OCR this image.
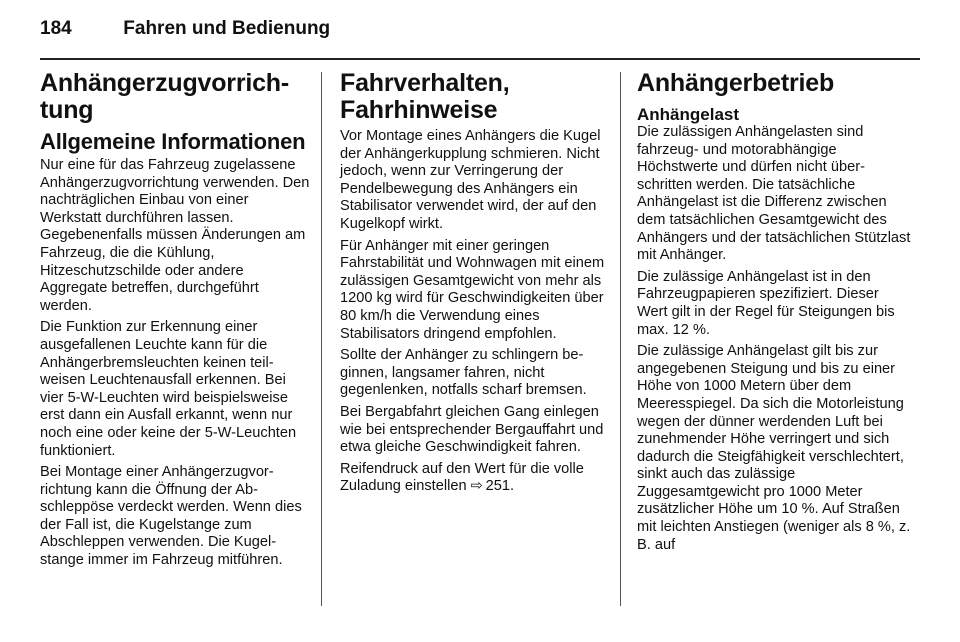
184	Fahren und Bedienung
Anhängerzugvorrich-
tung
Allgemeine Informationen

Nur eine für das Fahrzeug zugelassene Anhängerzugvorrichtung verwenden. Den nachträglichen Einbau von einer Werkstatt durchführen lassen. Gegebenenfalls müssen Änderungen am Fahrzeug, die die Kühlung, Hitzeschutzschilde oder andere Aggregate betreffen, durchgeführt werden.

Die Funktion zur Erkennung einer ausgefallenen Leuchte kann für die Anhängerbremsleuchten keinen teilweisen Leuchtenausfall erkennen. Bei vier 5-W-Leuchten wird beispielsweise erst dann ein Ausfall erkannt, wenn nur noch eine oder keine der 5-W-Leuchten funktioniert.

Bei Montage einer Anhängerzugvorrichtung kann die Öffnung der Abschleppöse verdeckt werden. Wenn dies der Fall ist, die Kugelstange zum Abschleppen verwenden. Die Kugelstange immer im Fahrzeug mitführen.

Fahrverhalten,
Fahrhinweise

Vor Montage eines Anhängers die Kugel der Anhängerkupplung schmieren. Nicht jedoch, wenn zur Verringerung der Pendelbewegung des Anhängers ein Stabilisator verwendet wird, der auf den Kugelkopf wirkt.

Für Anhänger mit einer geringen Fahrstabilität und Wohnwagen mit einem zulässigen Gesamtgewicht von mehr als 1200 kg wird für Geschwindigkeiten über 80 km/h die Verwendung eines Stabilisators dringend empfohlen.

Sollte der Anhänger zu schlingern beginnen, langsamer fahren, nicht gegenlenken, notfalls scharf bremsen.

Bei Bergabfahrt gleichen Gang einlegen wie bei entsprechender Bergauffahrt und etwa gleiche Geschwindigkeit fahren.

Reifendruck auf den Wert für die volle Zuladung einstellen ⇨ 251.

Anhängerbetrieb
Anhängelast

Die zulässigen Anhängelasten sind fahrzeug- und motorabhängige Höchstwerte und dürfen nicht überschritten werden. Die tatsächliche Anhängelast ist die Differenz zwischen dem tatsächlichen Gesamtgewicht des Anhängers und der tatsächlichen Stützlast mit Anhänger.

Die zulässige Anhängelast ist in den Fahrzeugpapieren spezifiziert. Dieser Wert gilt in der Regel für Steigungen bis max. 12 %.

Die zulässige Anhängelast gilt bis zur angegebenen Steigung und bis zu einer Höhe von 1000 Metern über dem Meeresspiegel. Da sich die Motorleistung wegen der dünner werdenden Luft bei zunehmender Höhe verringert und sich dadurch die Steigfähigkeit verschlechtert, sinkt auch das zulässige Zuggesamtgewicht pro 1000 Meter zusätzlicher Höhe um 10 %. Auf Straßen mit leichten Anstiegen (weniger als 8 %, z. B. auf
